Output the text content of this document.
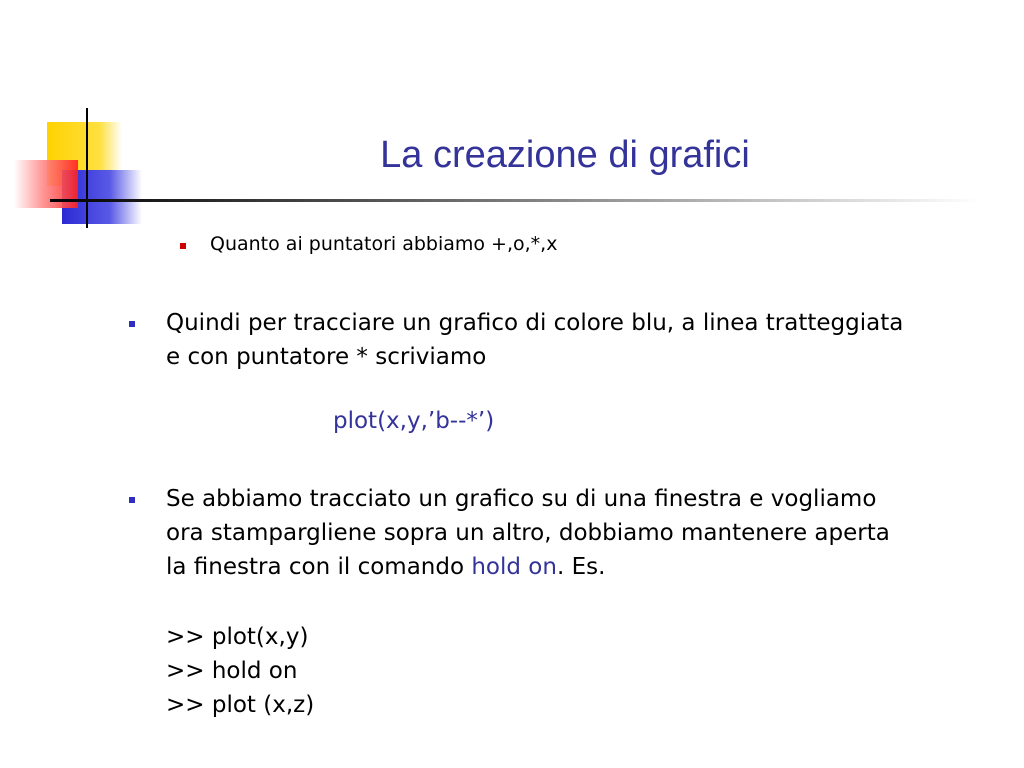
La creazione di grafici

Quanto ai puntatori abbiamo +,o,*,x

Quindi per tracciare un grafico di colore blu, a linea tratteggiata
e con puntatore * scriviamo
plot(x,y,’b--*’)
Se abbiamo tracciato un grafico su di una finestra e vogliamo
ora stampargliene sopra un altro, dobbiamo mantenere aperta
la finestra con il comando hold on. Es.
>> plot(x,y)
>> hold on
>> plot (x,z)
